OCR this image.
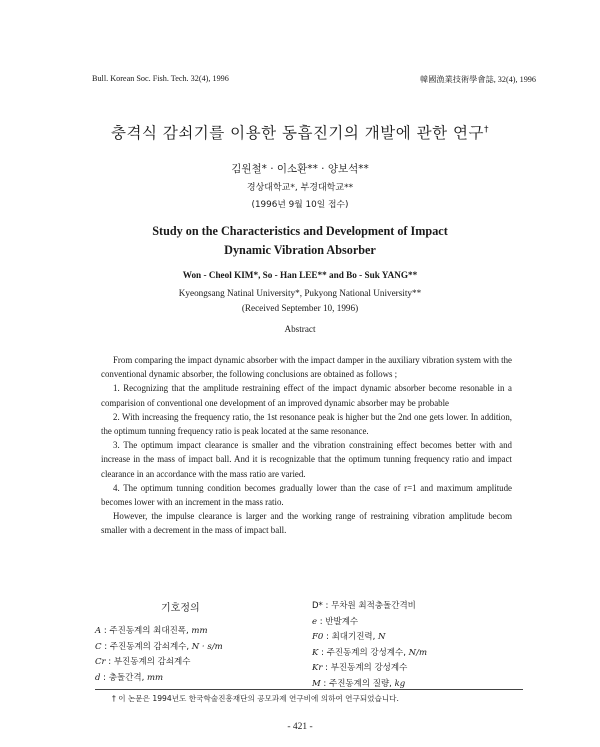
Bull. Korean Soc. Fish. Tech. 32(4), 1996	韓國漁業技術學會誌, 32(4), 1996
충격식 감쇠기를 이용한 동흡진기의 개발에 관한 연구†
김원철* · 이소환** · 양보석**
경상대학교*, 부경대학교**
(1996년 9월 10일 접수)
Study on the Characteristics and Development of Impact
Dynamic Vibration Absorber
Won - Cheol KIM*, So - Han LEE** and Bo - Suk YANG**
Kyeongsang Natinal University*, Pukyong National University**
(Received September 10, 1996)
Abstract

From comparing the impact dynamic absorber with the impact damper in the auxiliary vibration system with the conventional dynamic absorber, the following conclusions are obtained as follows ;

1. Recognizing that the amplitude restraining effect of the impact dynamic absorber become resonable in a comparision of conventional one development of an improved dynamic absorber may be probable

2. With increasing the frequency ratio, the 1st resonance peak is higher but the 2nd one gets lower. In addition, the optimum tunning frequency ratio is peak located at the same resonance.

3. The optimum impact clearance is smaller and the vibration constraining effect becomes better with and increase in the mass of impact ball. And it is recognizable that the optimum tunning frequency ratio and impact clearance in an accordance with the mass ratio are varied.

4. The optimum tunning condition becomes gradually lower than the case of r=1 and maximum amplitude becomes lower with an increment in the mass ratio.

However, the impulse clearance is larger and the working range of restraining vibration amplitude becom smaller with a decrement in the mass of impact ball.

기호정의
A : 주진동계의 최대진폭, mm
C : 주진동계의 감쇠계수, N · s/m
Cr : 부진동계의 감쇠계수
d : 충돌간격, mm
D* : 무차원 최적충돌간격비
e : 반발계수
F0 : 최대기진력, N
K : 주진동계의 강성계수, N/m
Kr : 부진동계의 강성계수
M : 주진동계의 질량, kg
† 이 논문은 1994년도 한국학술진흥재단의 공모과제 연구비에 의하여 연구되었습니다.
- 421 -
